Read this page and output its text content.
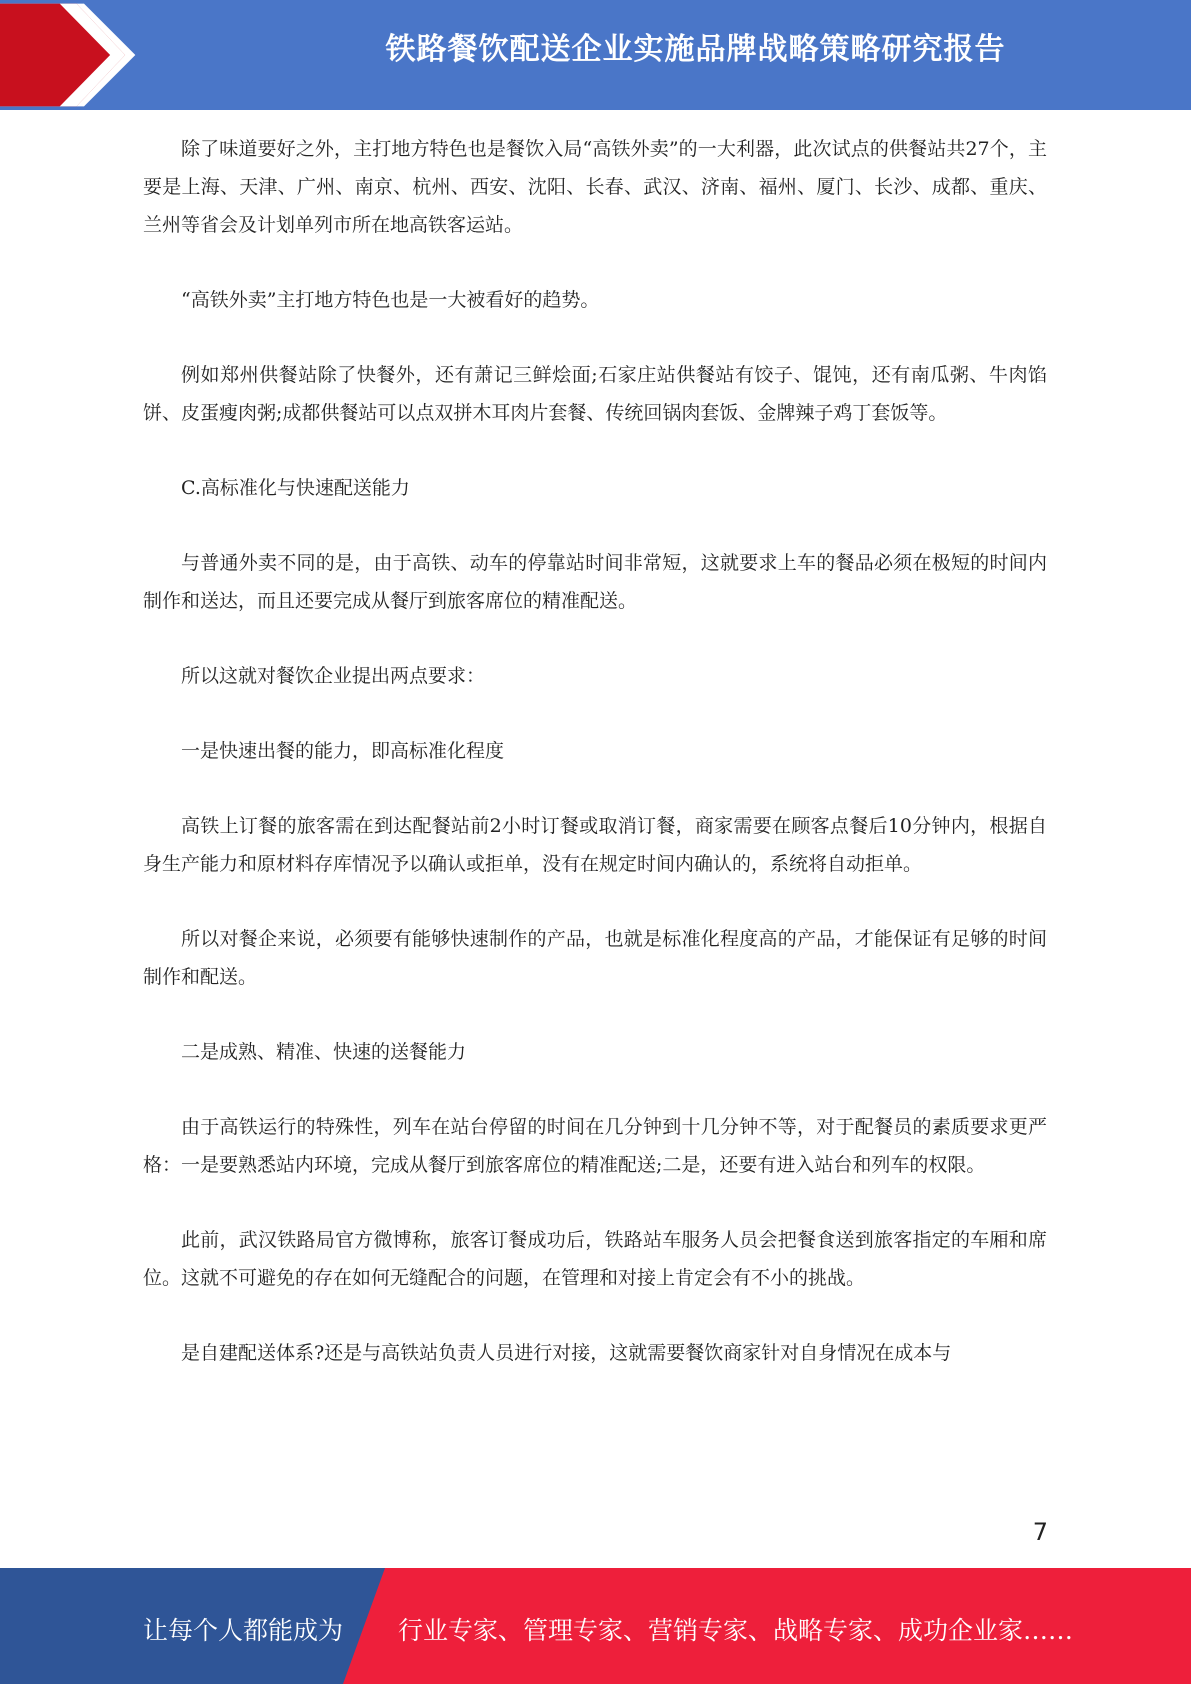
铁路餐饮配送企业实施品牌战略策略研究报告

除了味道要好之外，主打地方特色也是餐饮入局“高铁外卖”的一大利器，此次试点的供餐站共27个，主要是上海、天津、广州、南京、杭州、西安、沈阳、长春、武汉、济南、福州、厦门、长沙、成都、重庆、兰州等省会及计划单列市所在地高铁客运站。

“高铁外卖”主打地方特色也是一大被看好的趋势。

例如郑州供餐站除了快餐外，还有萧记三鲜烩面;石家庄站供餐站有饺子、馄饨，还有南瓜粥、牛肉馅饼、皮蛋瘦肉粥;成都供餐站可以点双拼木耳肉片套餐、传统回锅肉套饭、金牌辣子鸡丁套饭等。

C.高标准化与快速配送能力

与普通外卖不同的是，由于高铁、动车的停靠站时间非常短，这就要求上车的餐品必须在极短的时间内制作和送达，而且还要完成从餐厅到旅客席位的精准配送。

所以这就对餐饮企业提出两点要求：

一是快速出餐的能力，即高标准化程度

高铁上订餐的旅客需在到达配餐站前2小时订餐或取消订餐，商家需要在顾客点餐后10分钟内，根据自身生产能力和原材料存库情况予以确认或拒单，没有在规定时间内确认的，系统将自动拒单。

所以对餐企来说，必须要有能够快速制作的产品，也就是标准化程度高的产品，才能保证有足够的时间制作和配送。

二是成熟、精准、快速的送餐能力

由于高铁运行的特殊性，列车在站台停留的时间在几分钟到十几分钟不等，对于配餐员的素质要求更严格：一是要熟悉站内环境，完成从餐厅到旅客席位的精准配送;二是，还要有进入站台和列车的权限。

此前，武汉铁路局官方微博称，旅客订餐成功后，铁路站车服务人员会把餐食送到旅客指定的车厢和席位。这就不可避免的存在如何无缝配合的问题，在管理和对接上肯定会有不小的挑战。

是自建配送体系?还是与高铁站负责人员进行对接，这就需要餐饮商家针对自身情况在成本与

7
让每个人都能成为 行业专家、管理专家、营销专家、战略专家、成功企业家……
